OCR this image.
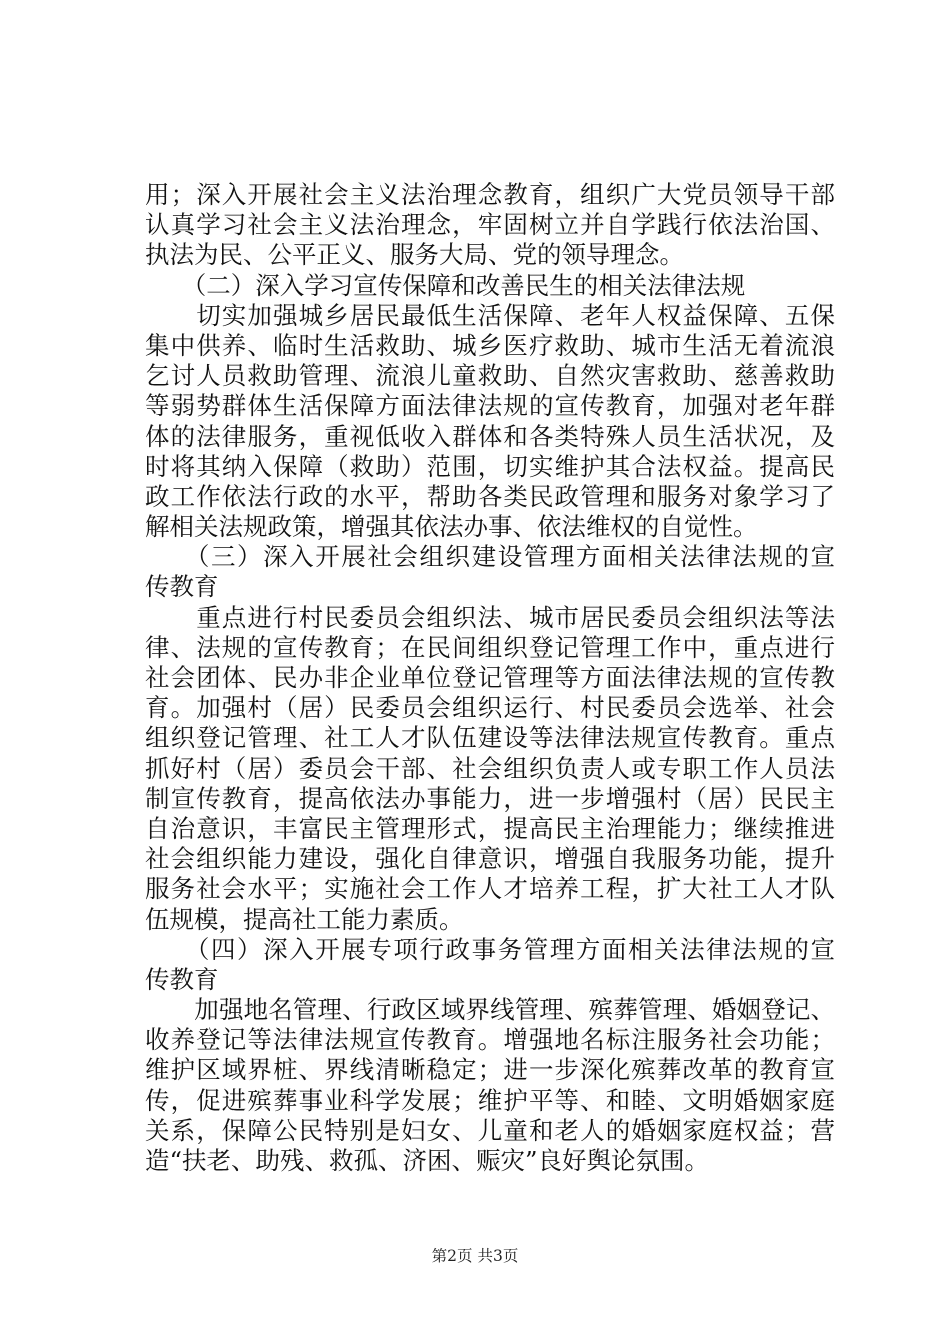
用；深入开展社会主义法治理念教育，组织广大党员领导干部
认真学习社会主义法治理念，牢固树立并自学践行依法治国、
执法为民、公平正义、服务大局、党的领导理念。
　　（二）深入学习宣传保障和改善民生的相关法律法规
　　切实加强城乡居民最低生活保障、老年人权益保障、五保
集中供养、临时生活救助、城乡医疗救助、城市生活无着流浪
乞讨人员救助管理、流浪儿童救助、自然灾害救助、慈善救助
等弱势群体生活保障方面法律法规的宣传教育，加强对老年群
体的法律服务，重视低收入群体和各类特殊人员生活状况，及
时将其纳入保障（救助）范围，切实维护其合法权益。提高民
政工作依法行政的水平，帮助各类民政管理和服务对象学习了
解相关法规政策，增强其依法办事、依法维权的自觉性。
　　（三）深入开展社会组织建设管理方面相关法律法规的宣
传教育
　　重点进行村民委员会组织法、城市居民委员会组织法等法
律、法规的宣传教育；在民间组织登记管理工作中，重点进行
社会团体、民办非企业单位登记管理等方面法律法规的宣传教
育。加强村（居）民委员会组织运行、村民委员会选举、社会
组织登记管理、社工人才队伍建设等法律法规宣传教育。重点
抓好村（居）委员会干部、社会组织负责人或专职工作人员法
制宣传教育，提高依法办事能力，进一步增强村（居）民民主
自治意识，丰富民主管理形式，提高民主治理能力；继续推进
社会组织能力建设，强化自律意识，增强自我服务功能，提升
服务社会水平；实施社会工作人才培养工程，扩大社工人才队
伍规模，提高社工能力素质。
　　（四）深入开展专项行政事务管理方面相关法律法规的宣
传教育
　　加强地名管理、行政区域界线管理、殡葬管理、婚姻登记、
收养登记等法律法规宣传教育。增强地名标注服务社会功能；
维护区域界桩、界线清晰稳定；进一步深化殡葬改革的教育宣
传，促进殡葬事业科学发展；维护平等、和睦、文明婚姻家庭
关系，保障公民特别是妇女、儿童和老人的婚姻家庭权益；营
造“扶老、助残、救孤、济困、赈灾”良好舆论氛围。
第2页 共3页
